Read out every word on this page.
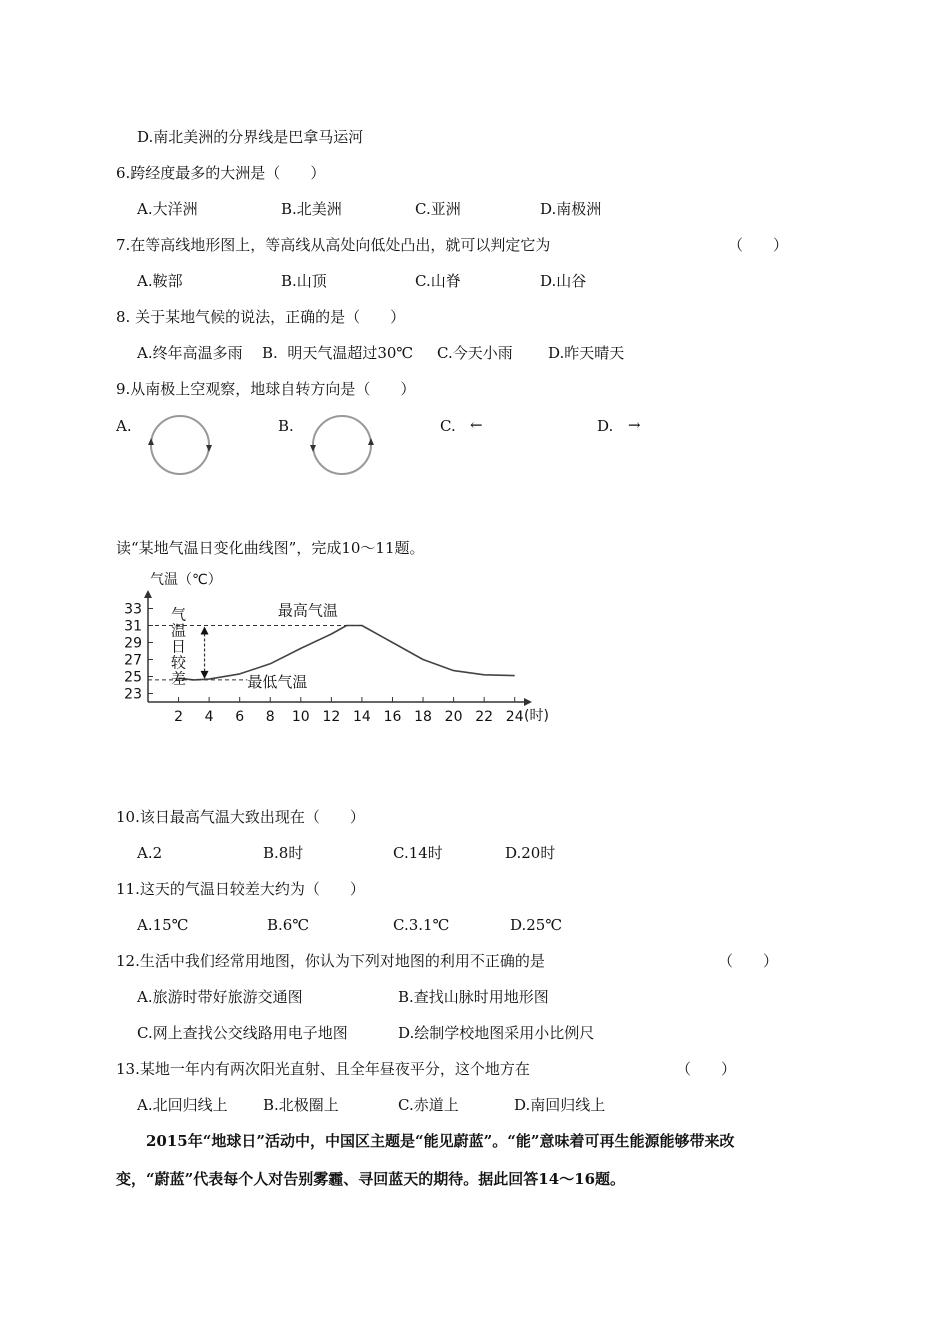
D.南北美洲的分界线是巴拿马运河
6.跨经度最多的大洲是（　　）
A.大洋洲	B.北美洲	C.亚洲	D.南极洲
7.在等高线地形图上，等高线从高处向低处凸出，就可以判定它为	（　　）
A.鞍部	B.山顶	C.山脊	D.山谷
8. 关于某地气候的说法，正确的是（　　）
A.终年高温多雨 B.  明天气温超过30℃ C.今天小雨 D.昨天晴天
9.从南极上空观察，地球自转方向是（　　）
A.	B.	C.	D.
←	→
读“某地气温日变化曲线图”，完成10～11题。
气温（℃）
(时)
23
25
27
29
31
33
2 4 6 8 10 12 14 16 18 20 22 24
最高气温
最低气温
气温日较差
10.该日最高气温大致出现在（　　）
A.2	B.8时	C.14时	D.20时
11.这天的气温日较差大约为（　　）
A.15℃	B.6℃	C.3.1℃	D.25℃
12.生活中我们经常用地图，你认为下列对地图的利用不正确的是	（　　）
A.旅游时带好旅游交通图	B.查找山脉时用地形图
C.网上查找公交线路用电子地图	D.绘制学校地图采用小比例尺
13.某地一年内有两次阳光直射、且全年昼夜平分，这个地方在	（　　）
A.北回归线上 B.北极圈上	C.赤道上	D.南回归线上
2015年“地球日”活动中，中国区主题是“能见蔚蓝”。“能”意味着可再生能源能够带来改
变，“蔚蓝”代表每个人对告别雾霾、寻回蓝天的期待。据此回答14～16题。
